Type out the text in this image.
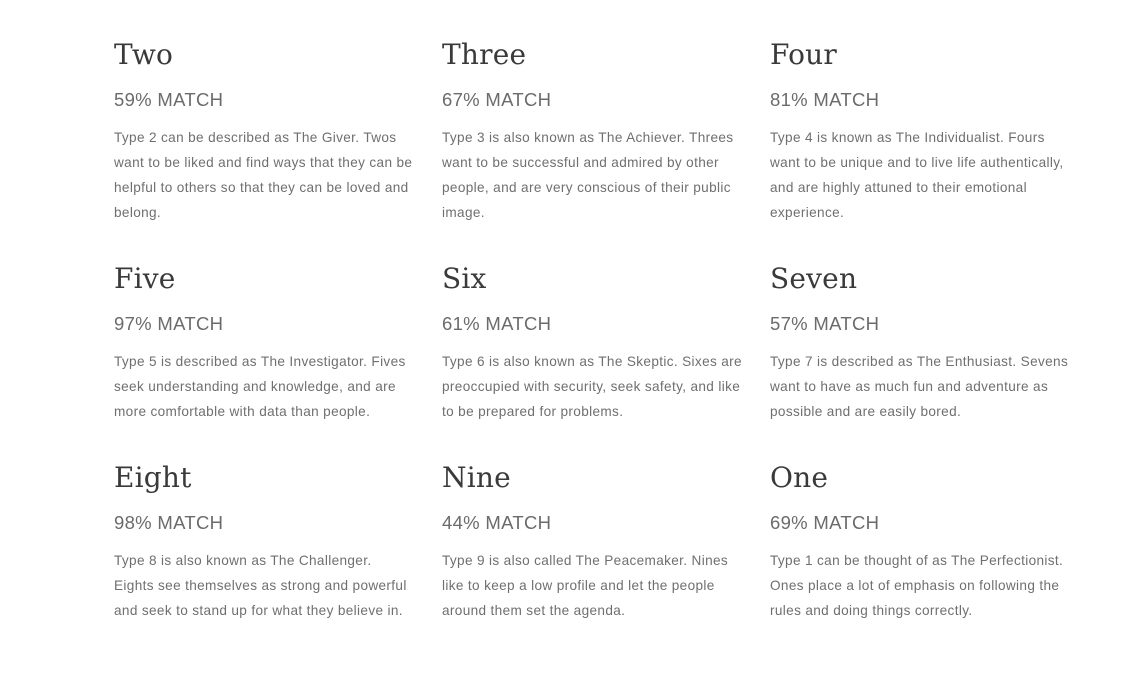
Two
59% MATCH

Type 2 can be described as The Giver. Twos want to be liked and find ways that they can be helpful to others so that they can be loved and belong.

Three
67% MATCH

Type 3 is also known as The Achiever. Threes want to be successful and admired by other people, and are very conscious of their public image.

Four
81% MATCH

Type 4 is known as The Individualist. Fours want to be unique and to live life authentically, and are highly attuned to their emotional experience.

Five
97% MATCH

Type 5 is described as The Investigator. Fives seek understanding and knowledge, and are more comfortable with data than people.

Six
61% MATCH

Type 6 is also known as The Skeptic. Sixes are preoccupied with security, seek safety, and like to be prepared for problems.

Seven
57% MATCH

Type 7 is described as The Enthusiast. Sevens want to have as much fun and adventure as possible and are easily bored.

Eight
98% MATCH

Type 8 is also known as The Challenger. Eights see themselves as strong and powerful and seek to stand up for what they believe in.

Nine
44% MATCH

Type 9 is also called The Peacemaker. Nines like to keep a low profile and let the people around them set the agenda.

One
69% MATCH

Type 1 can be thought of as The Perfectionist. Ones place a lot of emphasis on following the rules and doing things correctly.
